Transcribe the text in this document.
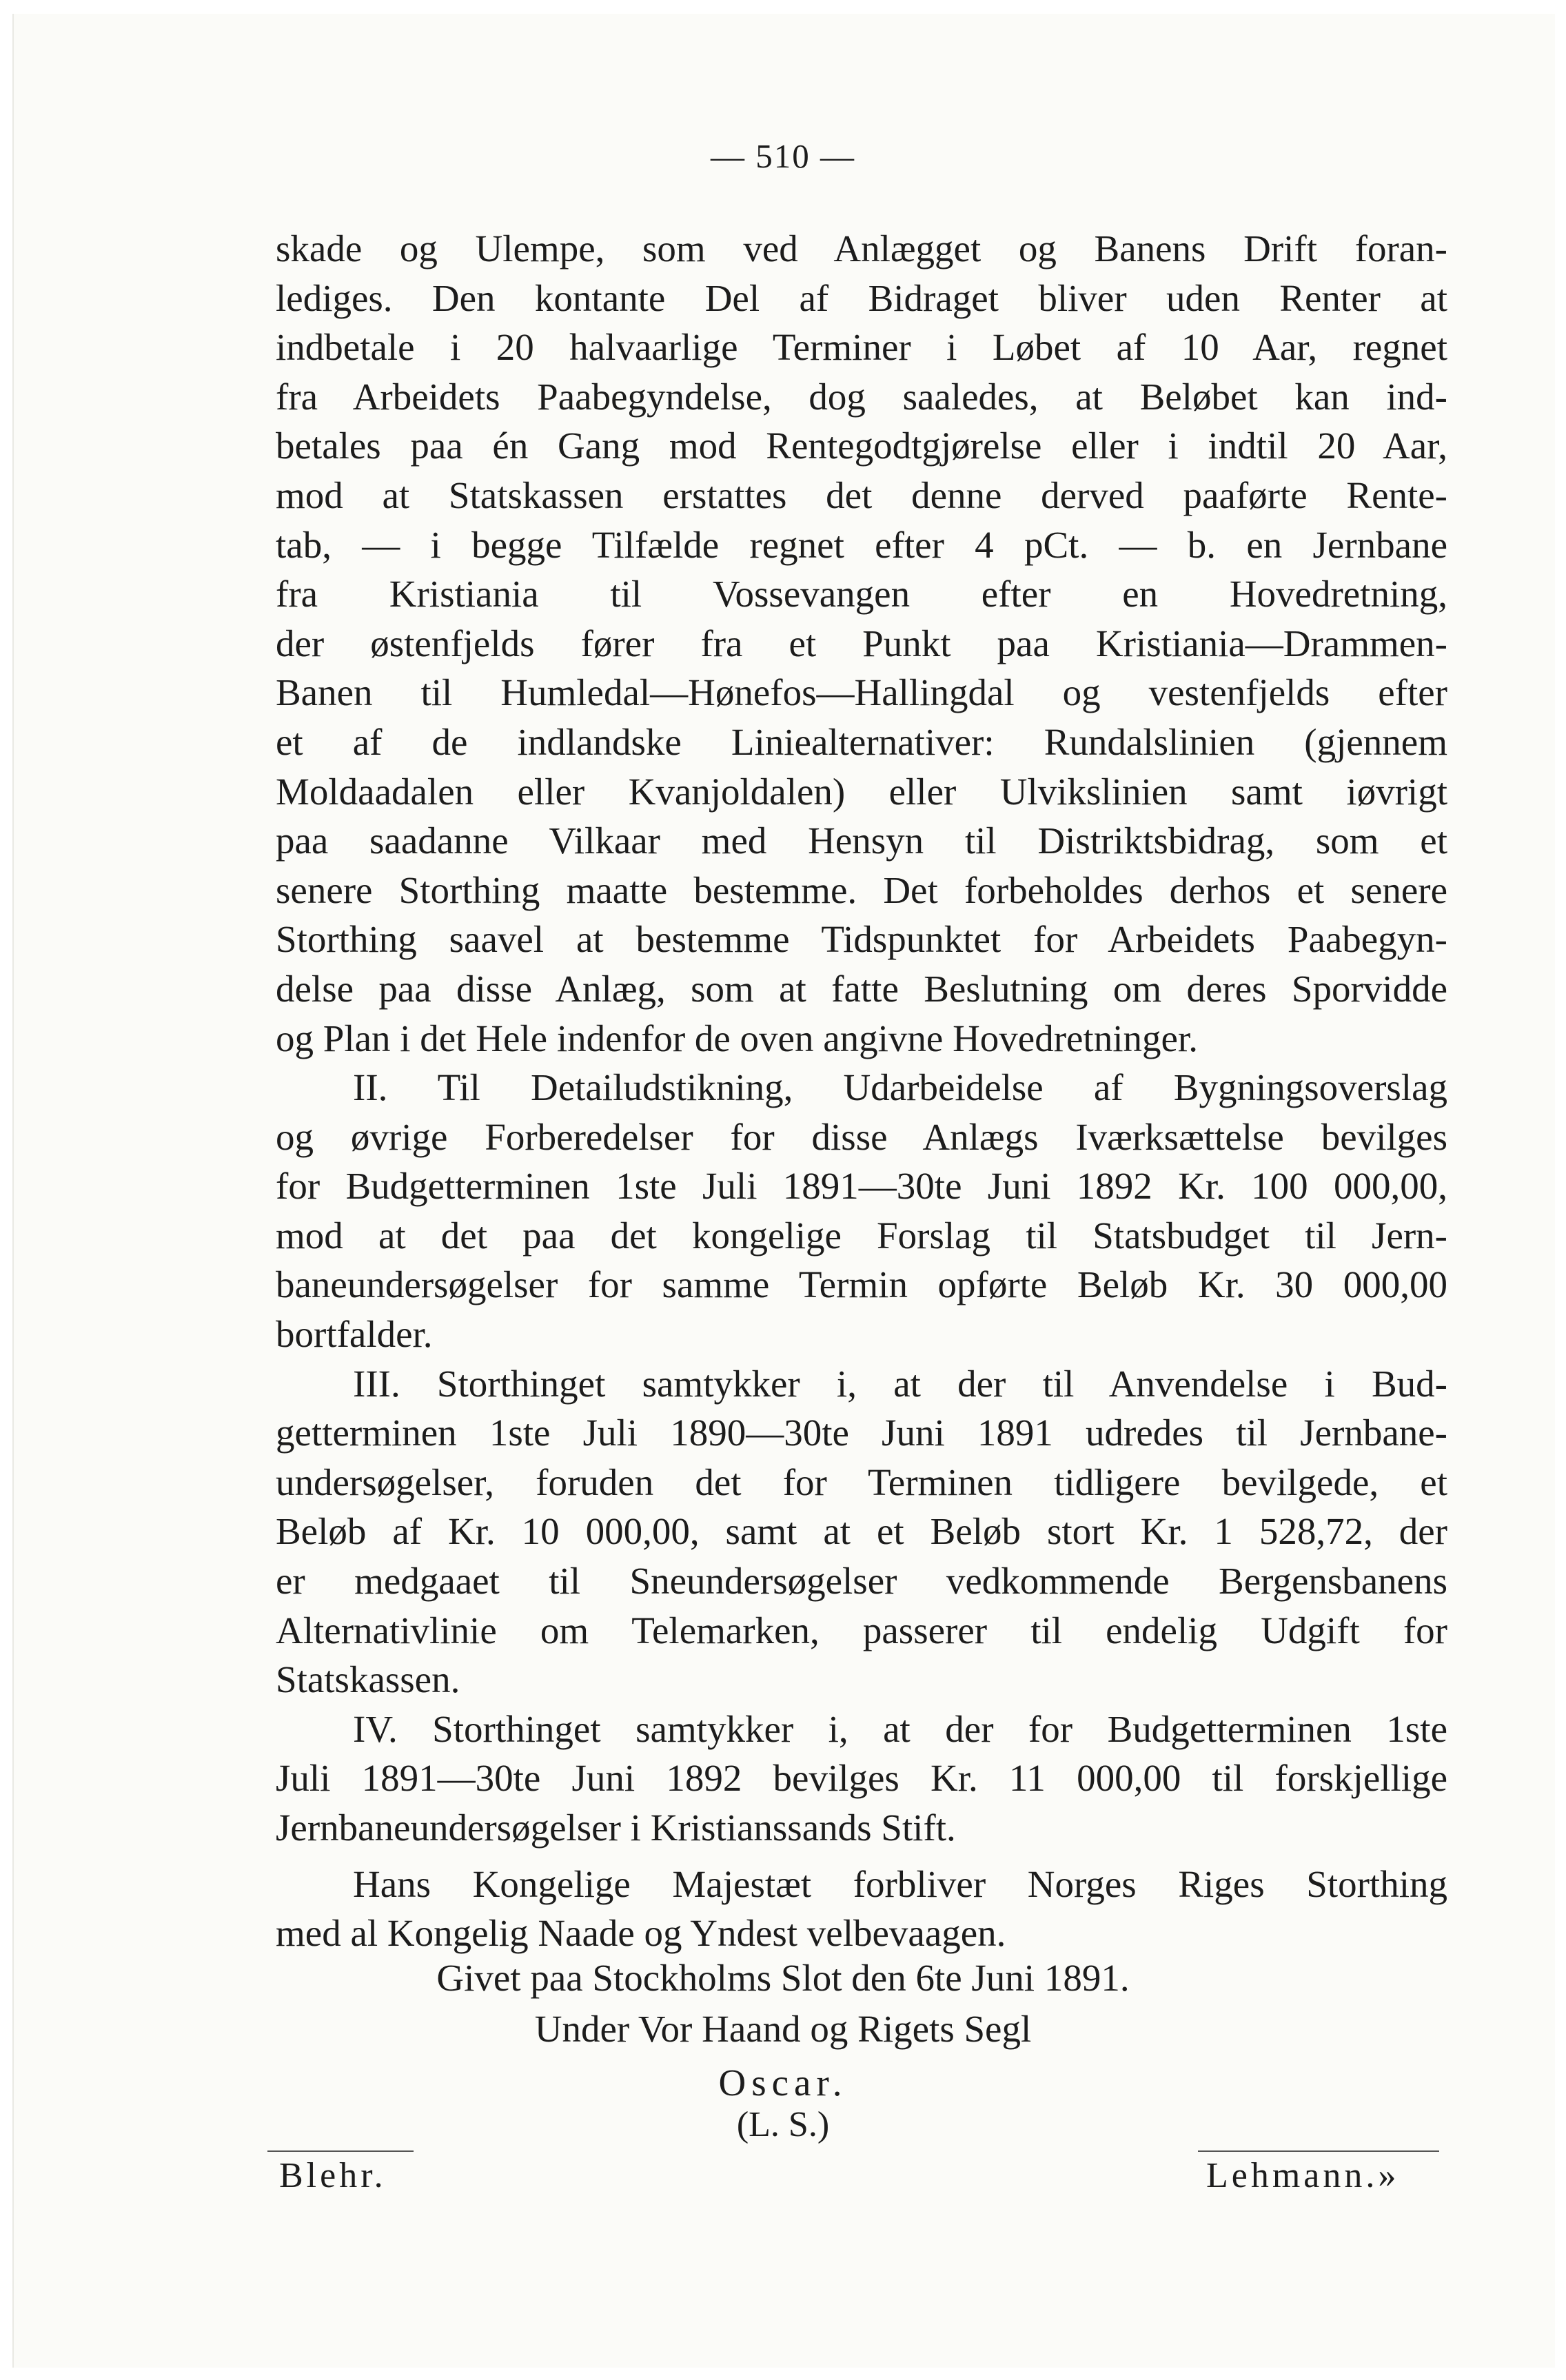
— 510 —
skade og Ulempe, som ved Anlægget og Banens Drift foran-
lediges. Den kontante Del af Bidraget bliver uden Renter at
indbetale i 20 halvaarlige Terminer i Løbet af 10 Aar, regnet
fra Arbeidets Paabegyndelse, dog saaledes, at Beløbet kan ind-
betales paa én Gang mod Rentegodtgjørelse eller i indtil 20 Aar,
mod at Statskassen erstattes det denne derved paaførte Rente-
tab, — i begge Tilfælde regnet efter 4 pCt. — b. en Jernbane
fra Kristiania til Vossevangen efter en Hovedretning,
der østenfjelds fører fra et Punkt paa Kristiania—Drammen-
Banen til Humledal—Hønefos—Hallingdal og vestenfjelds efter
et af de indlandske Liniealternativer: Rundalslinien (gjennem
Moldaadalen eller Kvanjoldalen) eller Ulvikslinien samt iøvrigt
paa saadanne Vilkaar med Hensyn til Distriktsbidrag, som et
senere Storthing maatte bestemme. Det forbeholdes derhos et senere
Storthing saavel at bestemme Tidspunktet for Arbeidets Paabegyn-
delse paa disse Anlæg, som at fatte Beslutning om deres Sporvidde
og Plan i det Hele indenfor de oven angivne Hovedretninger.
II. Til Detailudstikning, Udarbeidelse af Bygningsoverslag
og øvrige Forberedelser for disse Anlægs Iværksættelse bevilges
for Budgetterminen 1ste Juli 1891—30te Juni 1892 Kr. 100 000,00,
mod at det paa det kongelige Forslag til Statsbudget til Jern-
baneundersøgelser for samme Termin opførte Beløb Kr. 30 000,00
bortfalder.
III. Storthinget samtykker i, at der til Anvendelse i Bud-
getterminen 1ste Juli 1890—30te Juni 1891 udredes til Jernbane-
undersøgelser, foruden det for Terminen tidligere bevilgede, et
Beløb af Kr. 10 000,00, samt at et Beløb stort Kr. 1 528,72, der
er medgaaet til Sneundersøgelser vedkommende Bergensbanens
Alternativlinie om Telemarken, passerer til endelig Udgift for
Statskassen.
IV. Storthinget samtykker i, at der for Budgetterminen 1ste
Juli 1891—30te Juni 1892 bevilges Kr. 11 000,00 til forskjellige
Jernbaneundersøgelser i Kristianssands Stift.
Hans Kongelige Majestæt forbliver Norges Riges Storthing
med al Kongelig Naade og Yndest velbevaagen.
Givet paa Stockholms Slot den 6te Juni 1891.
Under Vor Haand og Rigets Segl
Oscar.
(L. S.)
Blehr.	Lehmann.»
